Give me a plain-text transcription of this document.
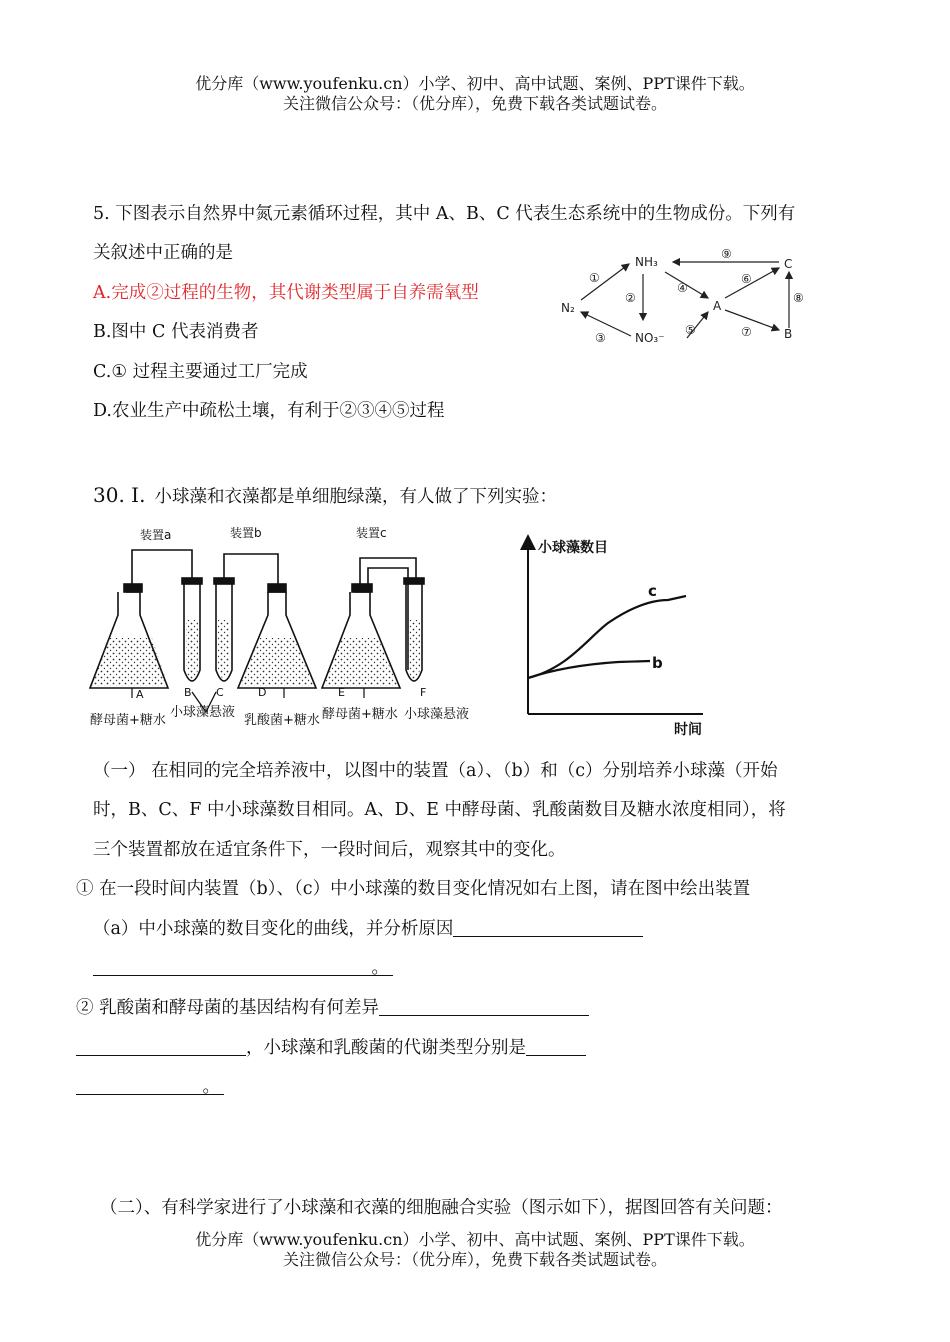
优分库（www.youfenku.cn）小学、初中、高中试题、案例、PPT课件下载。
关注微信公众号：（优分库），免费下载各类试题试卷。
5. 下图表示自然界中氮元素循环过程，其中 A、B、C 代表生态系统中的生物成份。下列有
关叙述中正确的是
A.完成②过程的生物，其代谢类型属于自养需氧型
B.图中 C 代表消费者
C.① 过程主要通过工厂完成
D.农业生产中疏松土壤，有利于②③④⑤过程
NH₃
N₂
NO₃⁻
A
B
C
①
②
③
④
⑤
⑥
⑦
⑧
⑨
30. Ⅰ. 小球藻和衣藻都是单细胞绿藻，有人做了下列实验：
装置a	装置b	装置c
A	B C	D	E	F
酵母菌+糖水
小球藻悬液
乳酸菌+糖水 酵母菌+糖水 小球藻悬液
小球藻数目
时间
c
b
（一） 在相同的完全培养液中，以图中的装置（a）、（b）和（c）分别培养小球藻（开始
时，B、C、F 中小球藻数目相同。A、D、E 中酵母菌、乳酸菌数目及糖水浓度相同），将
三个装置都放在适宜条件下，一段时间后，观察其中的变化。
① 在一段时间内装置（b）、（c）中小球藻的数目变化情况如右上图，请在图中绘出装置
（a）中小球藻的数目变化的曲线，并分析原因
。
② 乳酸菌和酵母菌的基因结构有何差异
，小球藻和乳酸菌的代谢类型分别是
。
（二）、有科学家进行了小球藻和衣藻的细胞融合实验（图示如下），据图回答有关问题：
优分库（www.youfenku.cn）小学、初中、高中试题、案例、PPT课件下载。
关注微信公众号：（优分库），免费下载各类试题试卷。
